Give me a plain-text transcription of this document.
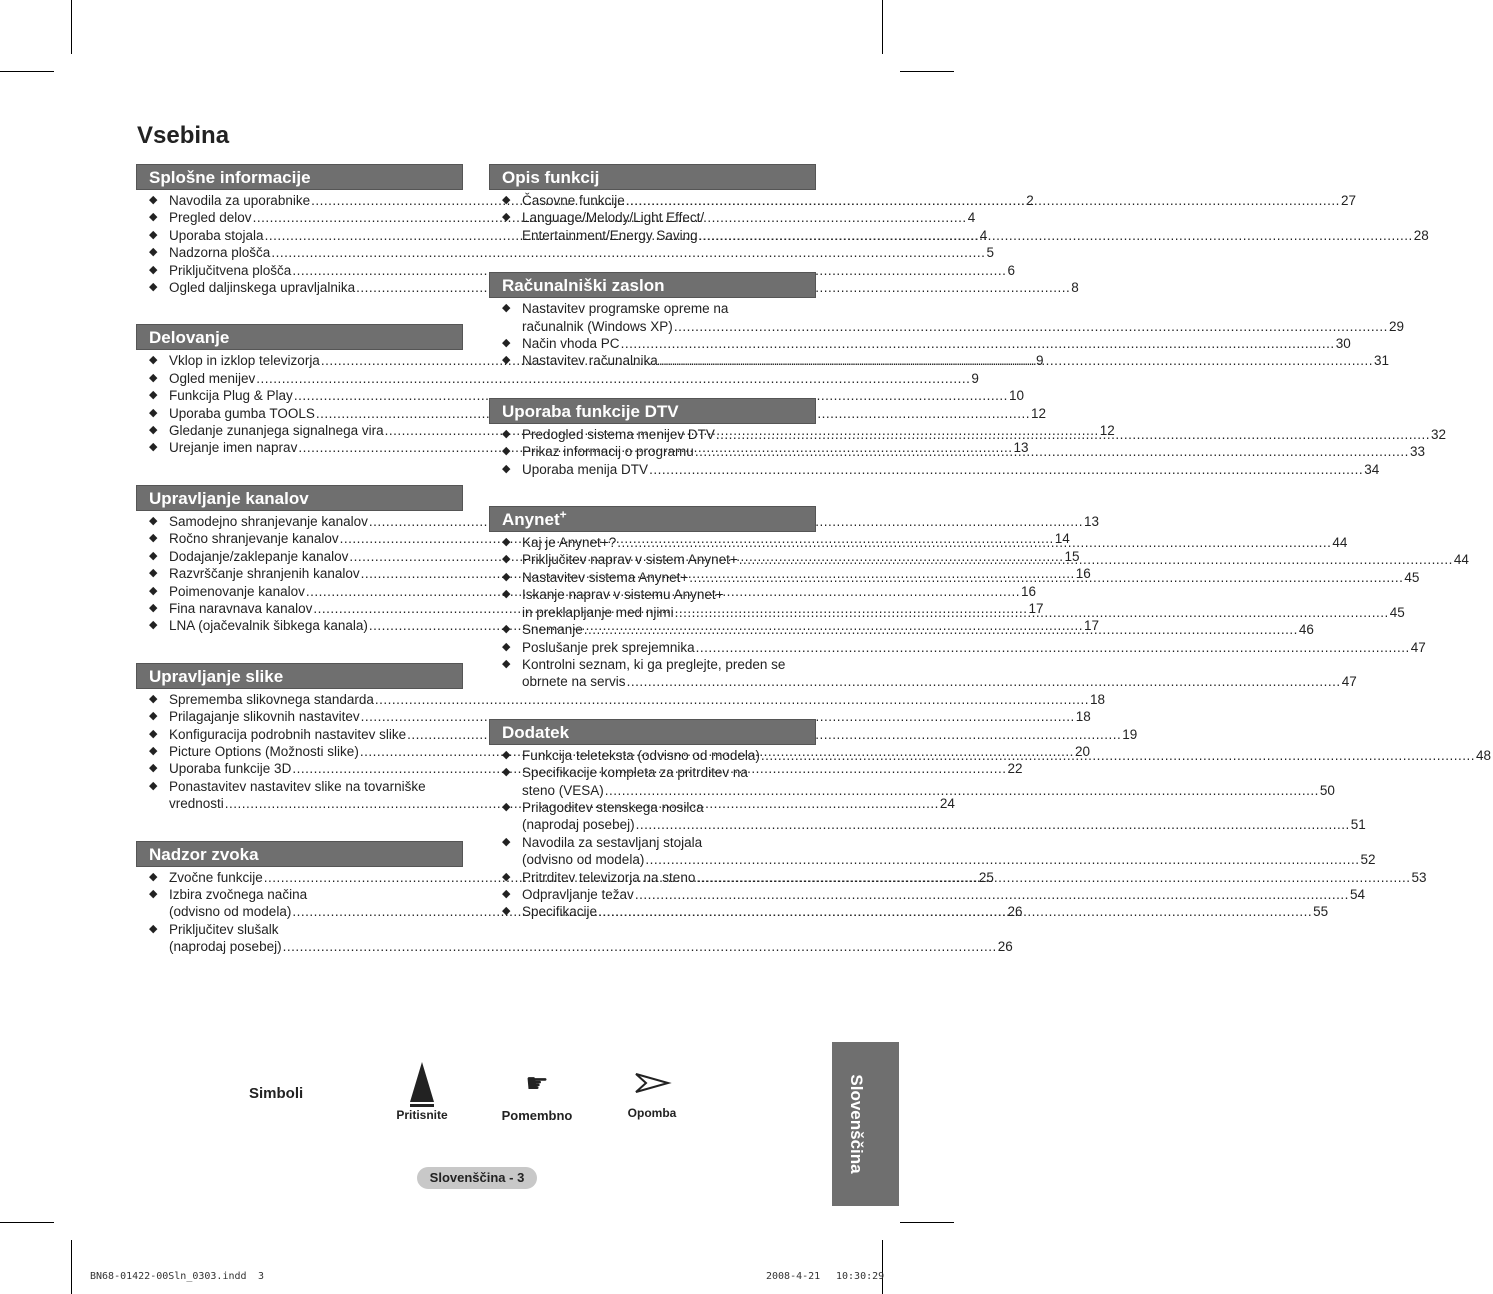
Vsebina
Splošne informacije
◆ Navodila za uporabnike .....	2
◆ Pregled delov .....	4
◆ Uporaba stojala .....	4
◆ Nadzorna plošča .....	5
◆ Priključitvena plošča .....	6
◆ Ogled daljinskega upravljalnika .....	8
Delovanje
◆ Vklop in izklop televizorja .....	9
◆ Ogled menijev .....	9
◆ Funkcija Plug & Play .....	10
◆ Uporaba gumba TOOLS .....	12
◆ Gledanje zunanjega signalnega vira .....	12
◆ Urejanje imen naprav .....	13
Upravljanje kanalov
◆ Samodejno shranjevanje kanalov .....	13
◆ Ročno shranjevanje kanalov .....	14
◆ Dodajanje/zaklepanje kanalov .....	15
◆ Razvrščanje shranjenih kanalov .....	16
◆ Poimenovanje kanalov .....	16
◆ Fina naravnava kanalov .....	17
◆ LNA (ojačevalnik šibkega kanala) .....	17
Upravljanje slike
◆ Sprememba slikovnega standarda .....	18
◆ Prilagajanje slikovnih nastavitev .....	18
◆ Konfiguracija podrobnih nastavitev slike .....	19
◆ Picture Options (Možnosti slike) .....	20
◆ Uporaba funkcije 3D .....	22
◆ Ponastavitev nastavitev slike na tovarniške
vrednosti .....	24
Nadzor zvoka
◆ Zvočne funkcije .....	25
◆ Izbira zvočnega načina
(odvisno od modela) .....	26
◆ Priključitev slušalk
(naprodaj posebej) .....	26
Opis funkcij
◆ Časovne funkcije .....	27
◆ Language/Melody/Light Effect/
Entertainment/Energy Saving .....	28
Računalniški zaslon
◆ Nastavitev programske opreme na
računalnik (Windows XP) .....	29
◆ Način vhoda PC .....	30
◆ Nastavitev računalnika .....	31
Uporaba funkcije DTV
◆ Predogled sistema menijev DTV .....	32
◆ Prikaz informacij o programu .....	33
◆ Uporaba menija DTV .....	34
Anynet+
◆ Kaj je Anynet+? .....	44
◆ Priključitev naprav v sistem Anynet+ .....	44
◆ Nastavitev sistema Anynet+ .....	45
◆ Iskanje naprav v sistemu Anynet+
in preklapljanje med njimi .....	45
◆ Snemanje .....	46
◆ Poslušanje prek sprejemnika .....	47
◆ Kontrolni seznam, ki ga preglejte, preden se
obrnete na servis .....	47
Dodatek
◆ Funkcija teleteksta (odvisno od modela) .....	48
◆ Specifikacije kompleta za pritrditev na
steno (VESA) .....	50
◆ Prilagoditev stenskega nosilca
(naprodaj posebej) .....	51
◆ Navodila za sestavljanj stojala
(odvisno od modela) .....	52
◆ Pritrditev televizorja na steno .....	53
◆ Odpravljanje težav .....	54
◆ Specifikacije .....	55
Simboli
Pritisnite
☛
Pomembno	Opomba	Slovenščina
Slovenščina - 3
BN68-01422-00Sln_0303.indd 3	2008-4-21 10:30:29
